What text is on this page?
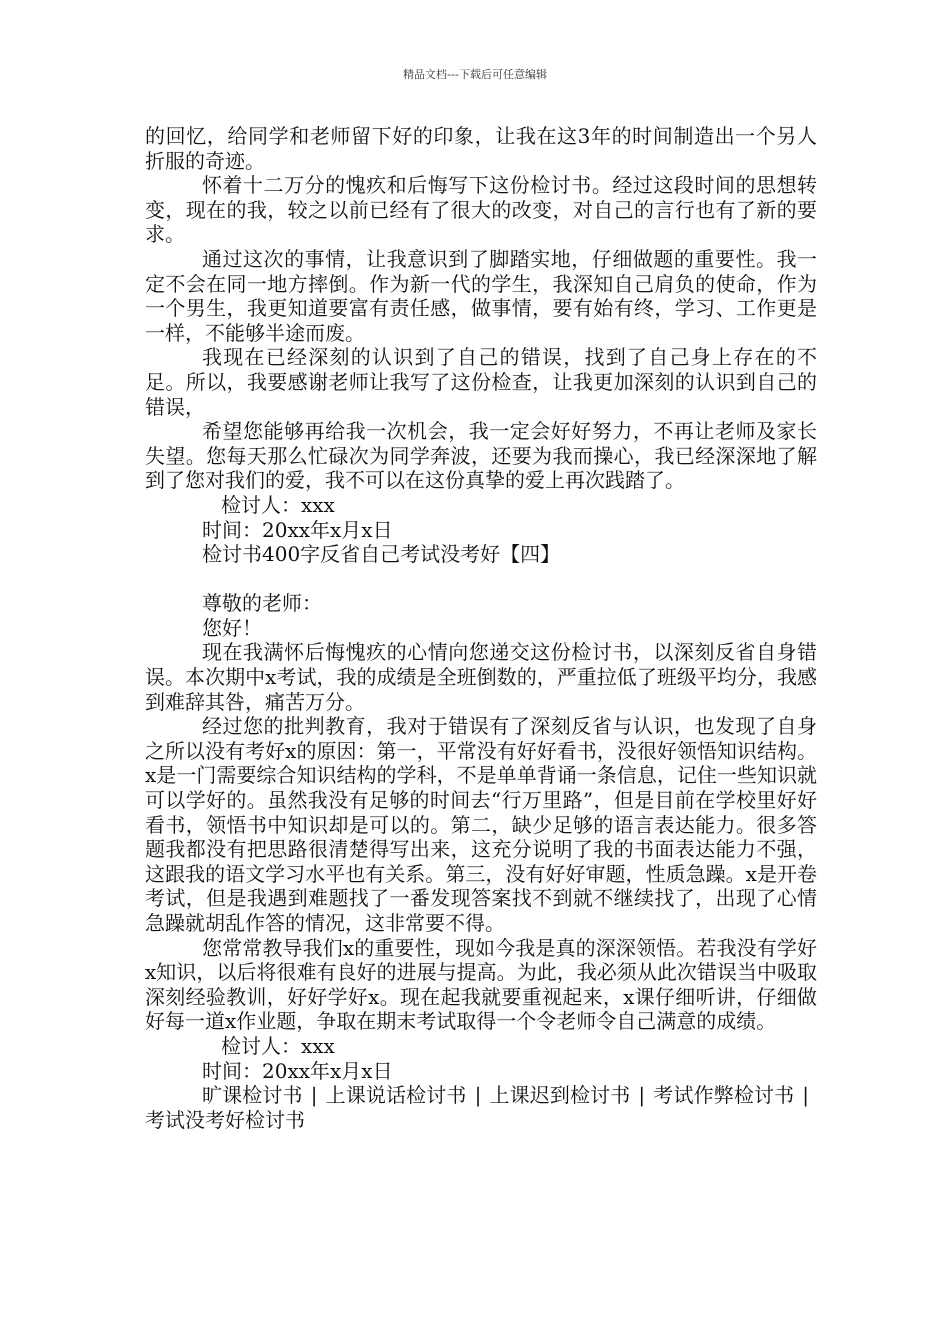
精品文档---下载后可任意编辑

的回忆，给同学和老师留下好的印象，让我在这3年的时间制造出一个另人折服的奇迹。

怀着十二万分的愧疚和后悔写下这份检讨书。经过这段时间的思想转变，现在的我，较之以前已经有了很大的改变，对自己的言行也有了新的要求。

通过这次的事情，让我意识到了脚踏实地，仔细做题的重要性。我一定不会在同一地方摔倒。作为新一代的学生，我深知自己肩负的使命，作为一个男生，我更知道要富有责任感，做事情，要有始有终，学习、工作更是一样，不能够半途而废。

我现在已经深刻的认识到了自己的错误，找到了自己身上存在的不足。所以，我要感谢老师让我写了这份检查，让我更加深刻的认识到自己的错误，

希望您能够再给我一次机会，我一定会好好努力，不再让老师及家长失望。您每天那么忙碌次为同学奔波，还要为我而操心，我已经深深地了解到了您对我们的爱，我不可以在这份真挚的爱上再次践踏了。

检讨人：xxx

时间：20xx年x月x日

检讨书400字反省自己考试没考好【四】

尊敬的老师：

您好！

现在我满怀后悔愧疚的心情向您递交这份检讨书，以深刻反省自身错误。本次期中x考试，我的成绩是全班倒数的，严重拉低了班级平均分，我感到难辞其咎，痛苦万分。

经过您的批判教育，我对于错误有了深刻反省与认识，也发现了自身之所以没有考好x的原因：第一，平常没有好好看书，没很好领悟知识结构。x是一门需要综合知识结构的学科，不是单单背诵一条信息，记住一些知识就可以学好的。虽然我没有足够的时间去“行万里路”，但是目前在学校里好好看书，领悟书中知识却是可以的。第二，缺少足够的语言表达能力。很多答题我都没有把思路很清楚得写出来，这充分说明了我的书面表达能力不强，这跟我的语文学习水平也有关系。第三，没有好好审题，性质急躁。x是开卷考试，但是我遇到难题找了一番发现答案找不到就不继续找了，出现了心情急躁就胡乱作答的情况，这非常要不得。

您常常教导我们x的重要性，现如今我是真的深深领悟。若我没有学好x知识，以后将很难有良好的进展与提高。为此，我必须从此次错误当中吸取深刻经验教训，好好学好x。现在起我就要重视起来，x课仔细听讲，仔细做好每一道x作业题，争取在期末考试取得一个令老师令自己满意的成绩。

检讨人：xxx

时间：20xx年x月x日

旷课检讨书 | 上课说话检讨书 | 上课迟到检讨书 | 考试作弊检讨书 |考试没考好检讨书
